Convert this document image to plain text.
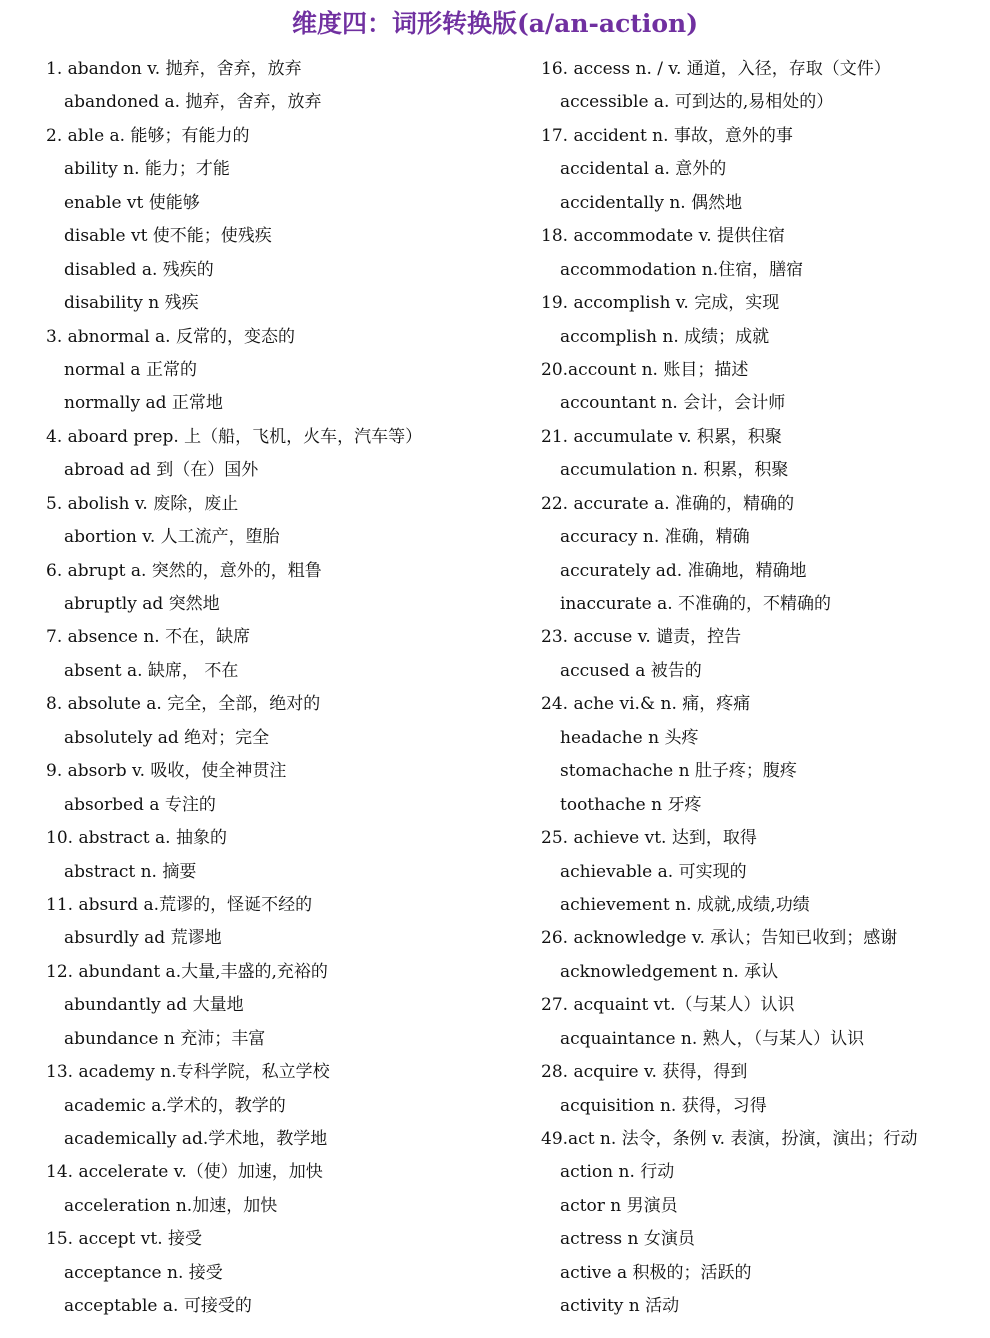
维度四：词形转换版(a/an-action)
1. abandon v. 抛弃，舍弃，放弃
abandoned a. 抛弃，舍弃，放弃
2. able a. 能够；有能力的
ability n. 能力；才能
enable vt 使能够
disable vt 使不能；使残疾
disabled a. 残疾的
disability n 残疾
3. abnormal a. 反常的，变态的
normal a 正常的
normally ad 正常地
4. aboard prep. 上（船，飞机，火车，汽车等）
abroad ad 到（在）国外
5. abolish v. 废除，废止
abortion v. 人工流产，堕胎
6. abrupt a. 突然的，意外的，粗鲁
abruptly ad 突然地
7. absence n. 不在，缺席
absent a. 缺席， 不在
8. absolute a. 完全，全部，绝对的
absolutely ad 绝对；完全
9. absorb v. 吸收，使全神贯注
absorbed a 专注的
10. abstract a. 抽象的
abstract n. 摘要
11. absurd a.荒谬的，怪诞不经的
absurdly ad 荒谬地
12. abundant a.大量,丰盛的,充裕的
abundantly ad 大量地
abundance n 充沛；丰富
13. academy n.专科学院，私立学校
academic a.学术的，教学的
academically ad.学术地，教学地
14. accelerate v.（使）加速，加快
acceleration n.加速，加快
15. accept vt. 接受
acceptance n. 接受
acceptable a. 可接受的
16. access n. / v. 通道，入径，存取（文件）
accessible a. 可到达的,易相处的）
17. accident n. 事故，意外的事
accidental a. 意外的
accidentally n. 偶然地
18. accommodate v. 提供住宿
accommodation n.住宿，膳宿
19. accomplish v. 完成，实现
accomplish n. 成绩；成就
20.account n. 账目；描述
accountant n. 会计，会计师
21. accumulate v. 积累，积聚
accumulation n. 积累，积聚
22. accurate a. 准确的，精确的
accuracy n. 准确，精确
accurately ad. 准确地，精确地
inaccurate a. 不准确的，不精确的
23. accuse v. 谴责，控告
accused a 被告的
24. ache vi.& n. 痛，疼痛
headache n 头疼
stomachache n 肚子疼；腹疼
toothache n 牙疼
25. achieve vt. 达到，取得
achievable a. 可实现的
achievement n. 成就,成绩,功绩
26. acknowledge v. 承认；告知已收到；感谢
acknowledgement n. 承认
27. acquaint vt.（与某人）认识
acquaintance n. 熟人，（与某人）认识
28. acquire v. 获得，得到
acquisition n. 获得，习得
49.act n. 法令，条例 v. 表演，扮演，演出；行动
action n. 行动
actor n 男演员
actress n 女演员
active a 积极的；活跃的
activity n 活动
